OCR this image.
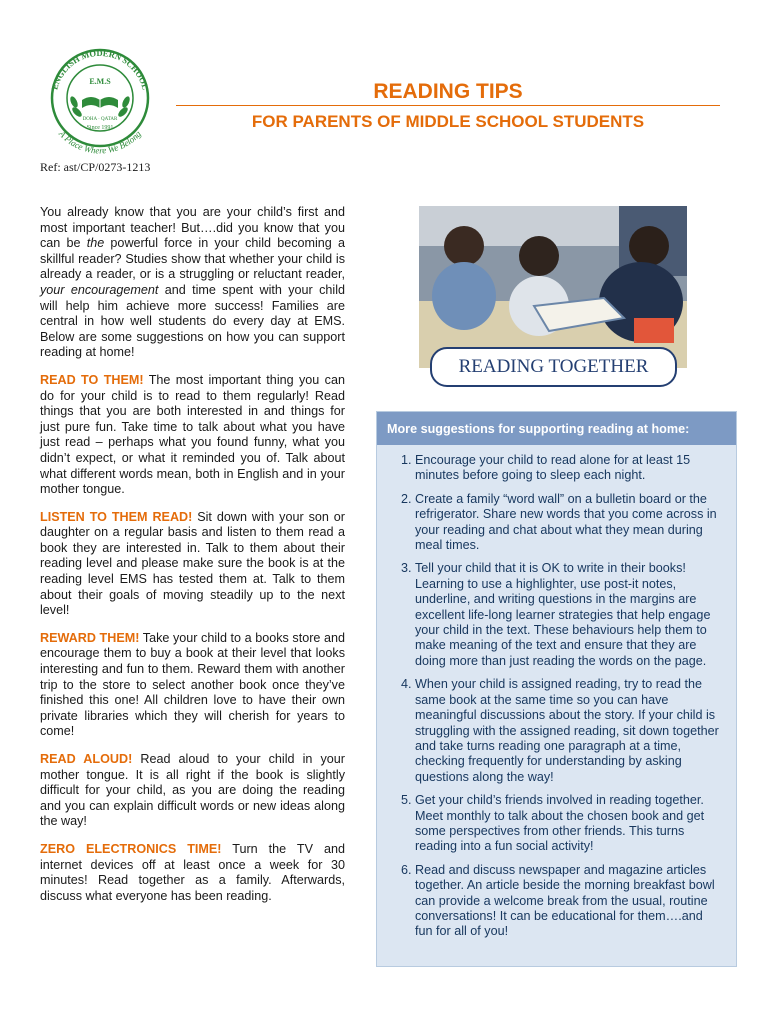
ENGLISH MODERN SCHOOL
E.M.S
DOHA · QATAR
Since 1991
A Place Where We Belong
Ref: ast/CP/0273-1213
READING TIPS
FOR PARENTS OF MIDDLE SCHOOL STUDENTS

You already know that you are your child’s first and most important teacher! But….did you know that you can be the powerful force in your child becoming a skillful reader? Studies show that whether your child is already a reader, or is a struggling or reluctant reader, your encouragement and time spent with your child will help him achieve more success! Families are central in how well students do every day at EMS. Below are some suggestions on how you can support reading at home!

READ TO THEM! The most important thing you can do for your child is to read to them regularly! Read things that you are both interested in and things for just pure fun. Take time to talk about what you have just read – perhaps what you found funny, what you didn’t expect, or what it reminded you of. Talk about what different words mean, both in English and in your mother tongue.

LISTEN TO THEM READ! Sit down with your son or daughter on a regular basis and listen to them read a book they are interested in. Talk to them about their reading level and please make sure the book is at the reading level EMS has tested them at. Talk to them about their goals of moving steadily up to the next level!

REWARD THEM! Take your child to a books store and encourage them to buy a book at their level that looks interesting and fun to them. Reward them with another trip to the store to select another book once they’ve finished this one! All children love to have their own private libraries which they will cherish for years to come!

READ ALOUD! Read aloud to your child in your mother tongue. It is all right if the book is slightly difficult for your child, as you are doing the reading and you can explain difficult words or new ideas along the way!

ZERO ELECTRONICS TIME! Turn the TV and internet devices off at least once a week for 30 minutes! Read together as a family. Afterwards, discuss what everyone has been reading.

READING TOGETHER
More suggestions for supporting reading at home:
1. Encourage your child to read alone for at least 15 minutes before going to sleep each night.
2. Create a family “word wall” on a bulletin board or the refrigerator. Share new words that you come across in your reading and chat about what they mean during meal times.
3. Tell your child that it is OK to write in their books! Learning to use a highlighter, use post-it notes, underline, and writing questions in the margins are excellent life-long learner strategies that help engage your child in the text. These behaviours help them to make meaning of the text and ensure that they are doing more than just reading the words on the page.
4. When your child is assigned reading, try to read the same book at the same time so you can have meaningful discussions about the story. If your child is struggling with the assigned reading, sit down together and take turns reading one paragraph at a time, checking frequently for understanding by asking questions along the way!
5. Get your child’s friends involved in reading together. Meet monthly to talk about the chosen book and get some perspectives from other friends. This turns reading into a fun social activity!
6. Read and discuss newspaper and magazine articles together. An article beside the morning breakfast bowl can provide a welcome break from the usual, routine conversations! It can be educational for them….and fun for all of you!
